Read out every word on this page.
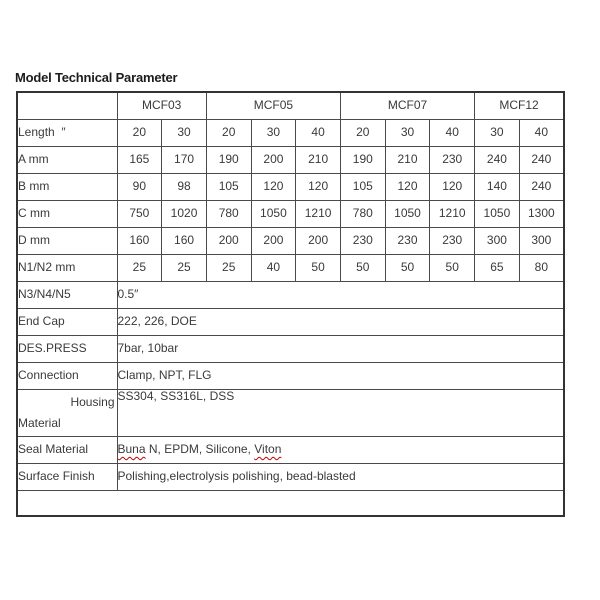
Model Technical Parameter
	MCF03		MCF05			MCF07			MCF12	
Length  ″	20	30	20	30	40	20	30	40	30	40
A mm	165	170	190	200	210	190	210	230	240	240
B mm	90	98	105	120	120	105	120	120	140	240
C mm	750	1020	780	1050	1210	780	1050	1210	1050	1300
D mm	160	160	200	200	200	230	230	230	300	300
N1/N2 mm	25	25	25	40	50	50	50	50	65	80
N3/N4/N5	0.5″									
End Cap	222, 226, DOE									
DES.PRESS	7bar, 10bar									
Connection	Clamp, NPT, FLG									

Housing
Material	SS304, SS316L, DSS									
Seal Material	Buna N, EPDM, Silicone, Viton									
Surface Finish	Polishing,electrolysis polishing, bead-blasted									
